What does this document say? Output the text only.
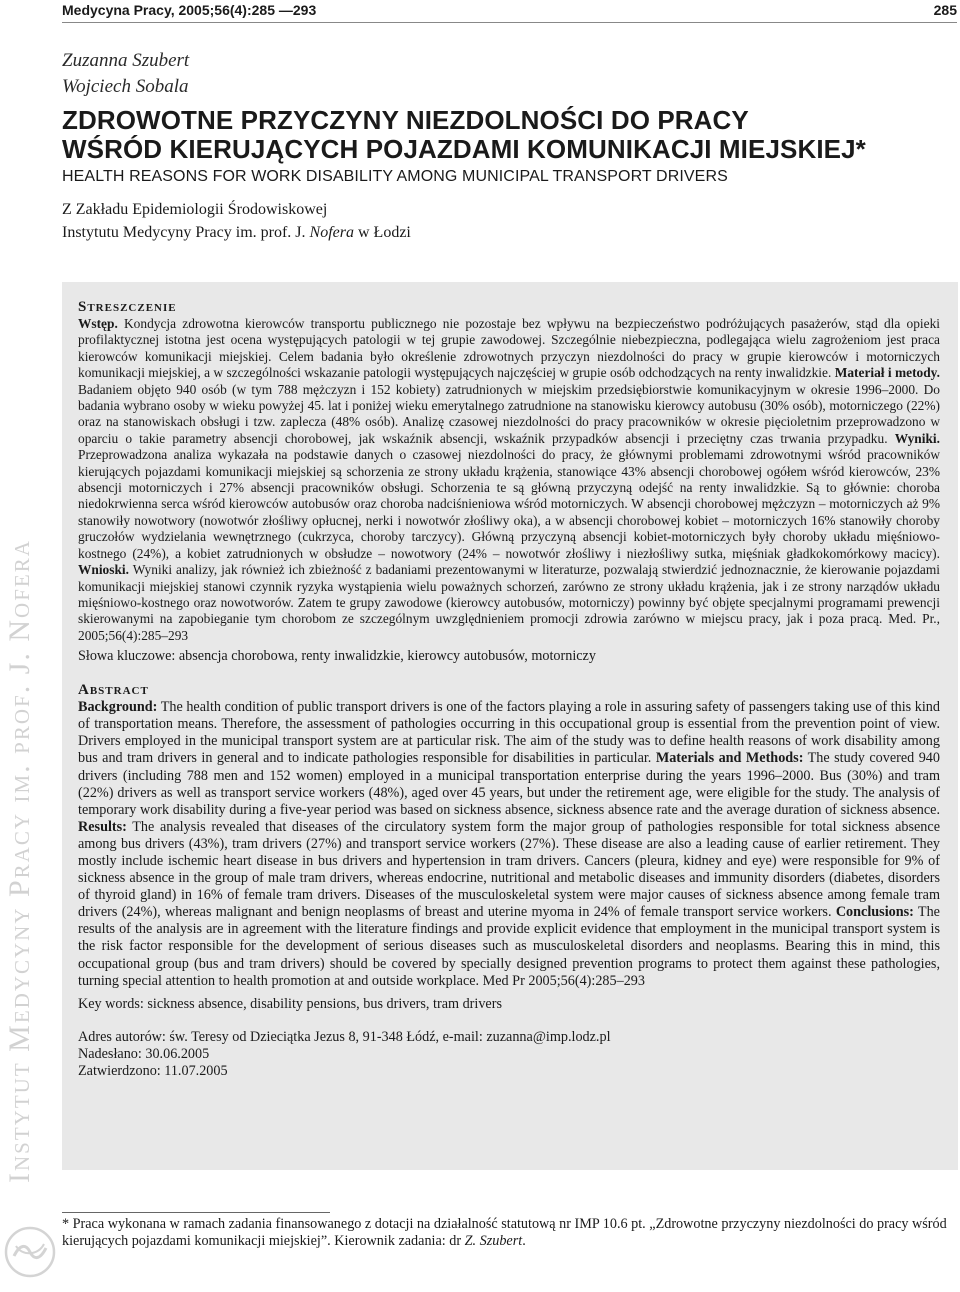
Medycyna Pracy, 2005;56(4):285 —293	285
Zuzanna Szubert
Wojciech Sobala
ZDROWOTNE PRZYCZYNY NIEZDOLNOŚCI DO PRACY
WŚRÓD KIERUJĄCYCH POJAZDAMI KOMUNIKACJI MIEJSKIEJ*
HEALTH REASONS FOR WORK DISABILITY AMONG MUNICIPAL TRANSPORT DRIVERS
Z Zakładu Epidemiologii Środowiskowej
Instytutu Medycyny Pracy im. prof. J. Nofera w Łodzi
Instytut Medycyny Pracy im. prof. J. Nofera
Streszczenie

Wstęp. Kondycja zdrowotna kierowców transportu publicznego nie pozostaje bez wpływu na bezpieczeństwo podróżujących pasażerów, stąd dla opieki profilaktycznej istotna jest ocena występujących patologii w tej grupie zawodowej. Szczególnie niebezpieczna, podlegająca wielu zagrożeniom jest praca kierowców komunikacji miejskiej. Celem badania było określenie zdrowotnych przyczyn niezdolności do pracy w grupie kierowców i motorniczych komunikacji miejskiej, a w szczególności wskazanie patologii występujących najczęściej w grupie osób odchodzących na renty inwalidzkie. Materiał i metody. Badaniem objęto 940 osób (w tym 788 mężczyzn i 152 kobiety) zatrudnionych w miejskim przedsiębiorstwie komunikacyjnym w okresie 1996–2000. Do badania wybrano osoby w wieku powyżej 45. lat i poniżej wieku emerytalnego zatrudnione na stanowisku kierowcy autobusu (30% osób), motorniczego (22%) oraz na stanowiskach obsługi i tzw. zaplecza (48% osób). Analizę czasowej niezdolności do pracy pracowników w okresie pięcioletnim przeprowadzono w oparciu o takie parametry absencji chorobowej, jak wskaźnik absencji, wskaźnik przypadków absencji i przeciętny czas trwania przypadku. Wyniki. Przeprowadzona analiza wykazała na podstawie danych o czasowej niezdolności do pracy, że głównymi problemami zdrowotnymi wśród pracowników kierujących pojazdami komunikacji miejskiej są schorzenia ze strony układu krążenia, stanowiące 43% absencji chorobowej ogółem wśród kierowców, 23% absencji motorniczych i 27% absencji pracowników obsługi. Schorzenia te są główną przyczyną odejść na renty inwalidzkie. Są to głównie: choroba niedokrwienna serca wśród kierowców autobusów oraz choroba nadciśnieniowa wśród motorniczych. W absencji chorobowej mężczyzn – motorniczych aż 9% stanowiły nowotwory (nowotwór złośliwy opłucnej, nerki i nowotwór złośliwy oka), a w absencji chorobowej kobiet – motorniczych 16% stanowiły choroby gruczołów wydzielania wewnętrznego (cukrzyca, choroby tarczycy). Główną przyczyną absencji kobiet-motorniczych były choroby układu mięśniowo-kostnego (24%), a kobiet zatrudnionych w obsłudze – nowotwory (24% – nowotwór złośliwy i niezłośliwy sutka, mięśniak gładkokomórkowy macicy). Wnioski. Wyniki analizy, jak również ich zbieżność z badaniami prezentowanymi w literaturze, pozwalają stwierdzić jednoznacznie, że kierowanie pojazdami komunikacji miejskiej stanowi czynnik ryzyka wystąpienia wielu poważnych schorzeń, zarówno ze strony układu krążenia, jak i ze strony narządów układu mięśniowo-kostnego oraz nowotworów. Zatem te grupy zawodowe (kierowcy autobusów, motorniczy) powinny być objęte specjalnymi programami prewencji skierowanymi na zapobieganie tym chorobom ze szczególnym uwzględnieniem promocji zdrowia zarówno w miejscu pracy, jak i poza pracą. Med. Pr., 2005;56(4):285–293

Słowa kluczowe: absencja chorobowa, renty inwalidzkie, kierowcy autobusów, motorniczy

Abstract

Background: The health condition of public transport drivers is one of the factors playing a role in assuring safety of passengers taking use of this kind of transportation means. Therefore, the assessment of pathologies occurring in this occupational group is essential from the prevention point of view. Drivers employed in the municipal transport system are at particular risk. The aim of the study was to define health reasons of work disability among bus and tram drivers in general and to indicate pathologies responsible for disabilities in particular. Materials and Methods: The study covered 940 drivers (including 788 men and 152 women) employed in a municipal transportation enterprise during the years 1996–2000. Bus (30%) and tram (22%) drivers as well as transport service workers (48%), aged over 45 years, but under the retirement age, were eligible for the study. The analysis of temporary work disability during a five-year period was based on sickness absence, sickness absence rate and the average duration of sickness absence. Results: The analysis revealed that diseases of the circulatory system form the major group of pathologies responsible for total sickness absence among bus drivers (43%), tram drivers (27%) and transport service workers (27%). These disease are also a leading cause of earlier retirement. They mostly include ischemic heart disease in bus drivers and hypertension in tram drivers. Cancers (pleura, kidney and eye) were responsible for 9% of sickness absence in the group of male tram drivers, whereas endocrine, nutritional and metabolic diseases and immunity disorders (diabetes, disorders of thyroid gland) in 16% of female tram drivers. Diseases of the musculoskeletal system were major causes of sickness absence among female tram drivers (24%), whereas malignant and benign neoplasms of breast and uterine myoma in 24% of female transport service workers. Conclusions: The results of the analysis are in agreement with the literature findings and provide explicit evidence that employment in the municipal transport system is the risk factor responsible for the development of serious diseases such as musculoskeletal disorders and neoplasms. Bearing this in mind, this occupational group (bus and tram drivers) should be covered by specially designed prevention programs to protect them against these pathologies, turning special attention to health promotion at and outside workplace. Med Pr 2005;56(4):285–293

Key words: sickness absence, disability pensions, bus drivers, tram drivers

Adres autorów: św. Teresy od Dzieciątka Jezus 8, 91-348 Łódź, e-mail: zuzanna@imp.lodz.pl

Nadesłano: 30.06.2005

Zatwierdzono: 11.07.2005

* Praca wykonana w ramach zadania finansowanego z dotacji na działalność statutową nr IMP 10.6 pt. „Zdrowotne przyczyny niezdolności do pracy wśród kierujących pojazdami komunikacji miejskiej”. Kierownik zadania: dr Z. Szubert.
